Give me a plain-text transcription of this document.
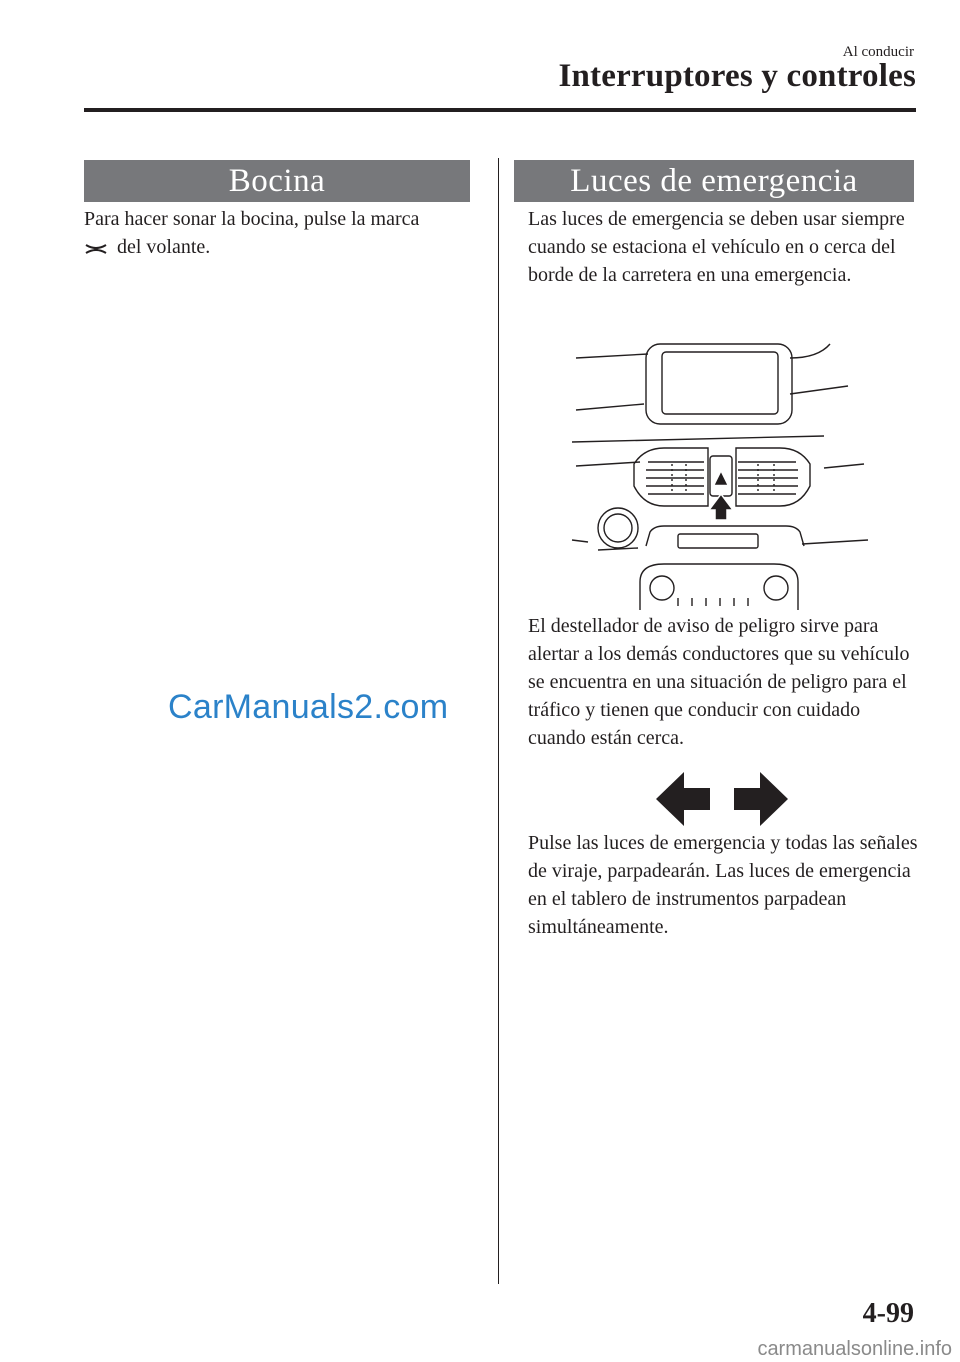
Al conducir
Interruptores y controles
Bocina

Para hacer sonar la bocina, pulse la marca
del volante.

Luces de emergencia

Las luces de emergencia se deben usar siempre cuando se estaciona el vehículo en o cerca del borde de la carretera en una emergencia.

El destellador de aviso de peligro sirve para alertar a los demás conductores que su vehículo se encuentra en una situación de peligro para el tráfico y tienen que conducir con cuidado cuando están cerca.

Pulse las luces de emergencia y todas las señales de viraje, parpadearán. Las luces de emergencia en el tablero de instrumentos parpadean simultáneamente.

CarManuals2.com
4-99
carmanualsonline.info
